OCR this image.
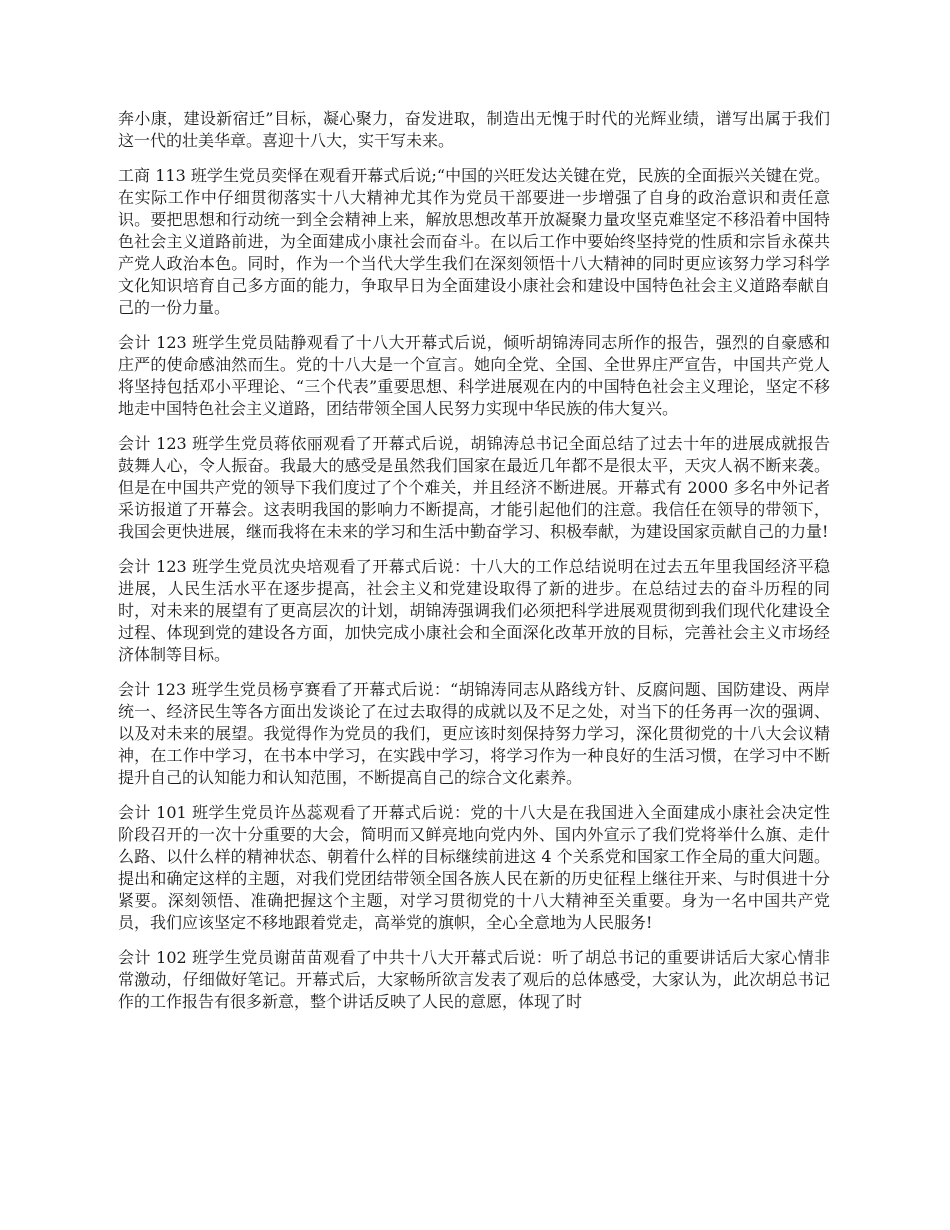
奔小康，建设新宿迁”目标，凝心聚力，奋发进取，制造出无愧于时代的光辉业绩，谱写出属于我们这一代的壮美华章。喜迎十八大，实干写未来。

工商 113 班学生党员奕怿在观看开幕式后说;“中国的兴旺发达关键在党，民族的全面振兴关键在党。在实际工作中仔细贯彻落实十八大精神尤其作为党员干部要进一步增强了自身的政治意识和责任意识。要把思想和行动统一到全会精神上来，解放思想改革开放凝聚力量攻坚克难坚定不移沿着中国特色社会主义道路前进，为全面建成小康社会而奋斗。在以后工作中要始终坚持党的性质和宗旨永葆共产党人政治本色。同时，作为一个当代大学生我们在深刻领悟十八大精神的同时更应该努力学习科学文化知识培育自己多方面的能力，争取早日为全面建设小康社会和建设中国特色社会主义道路奉献自己的一份力量。

会计 123 班学生党员陆静观看了十八大开幕式后说，倾听胡锦涛同志所作的报告，强烈的自豪感和庄严的使命感油然而生。党的十八大是一个宣言。她向全党、全国、全世界庄严宣告，中国共产党人将坚持包括邓小平理论、“三个代表”重要思想、科学进展观在内的中国特色社会主义理论，坚定不移地走中国特色社会主义道路，团结带领全国人民努力实现中华民族的伟大复兴。

会计 123 班学生党员蒋依丽观看了开幕式后说，胡锦涛总书记全面总结了过去十年的进展成就报告鼓舞人心，令人振奋。我最大的感受是虽然我们国家在最近几年都不是很太平，天灾人祸不断来袭。但是在中国共产党的领导下我们度过了个个难关，并且经济不断进展。开幕式有 2000 多名中外记者采访报道了开幕会。这表明我国的影响力不断提高，才能引起他们的注意。我信任在领导的带领下，我国会更快进展，继而我将在未来的学习和生活中勤奋学习、积极奉献，为建设国家贡献自己的力量!

会计 123 班学生党员沈央培观看了开幕式后说：十八大的工作总结说明在过去五年里我国经济平稳进展，人民生活水平在逐步提高，社会主义和党建设取得了新的进步。在总结过去的奋斗历程的同时，对未来的展望有了更高层次的计划，胡锦涛强调我们必须把科学进展观贯彻到我们现代化建设全过程、体现到党的建设各方面，加快完成小康社会和全面深化改革开放的目标，完善社会主义市场经济体制等目标。

会计 123 班学生党员杨亨赛看了开幕式后说：“胡锦涛同志从路线方针、反腐问题、国防建设、两岸统一、经济民生等各方面出发谈论了在过去取得的成就以及不足之处，对当下的任务再一次的强调、以及对未来的展望。我觉得作为党员的我们，更应该时刻保持努力学习，深化贯彻党的十八大会议精神，在工作中学习，在书本中学习，在实践中学习，将学习作为一种良好的生活习惯，在学习中不断提升自己的认知能力和认知范围，不断提高自己的综合文化素养。

会计 101 班学生党员许丛蕊观看了开幕式后说：党的十八大是在我国进入全面建成小康社会决定性阶段召开的一次十分重要的大会，简明而又鲜亮地向党内外、国内外宣示了我们党将举什么旗、走什么路、以什么样的精神状态、朝着什么样的目标继续前进这 4 个关系党和国家工作全局的重大问题。提出和确定这样的主题，对我们党团结带领全国各族人民在新的历史征程上继往开来、与时俱进十分紧要。深刻领悟、准确把握这个主题，对学习贯彻党的十八大精神至关重要。身为一名中国共产党员，我们应该坚定不移地跟着党走，高举党的旗帜，全心全意地为人民服务!

会计 102 班学生党员谢苗苗观看了中共十八大开幕式后说：听了胡总书记的重要讲话后大家心情非常激动，仔细做好笔记。开幕式后，大家畅所欲言发表了观后的总体感受，大家认为，此次胡总书记作的工作报告有很多新意，整个讲话反映了人民的意愿，体现了时
